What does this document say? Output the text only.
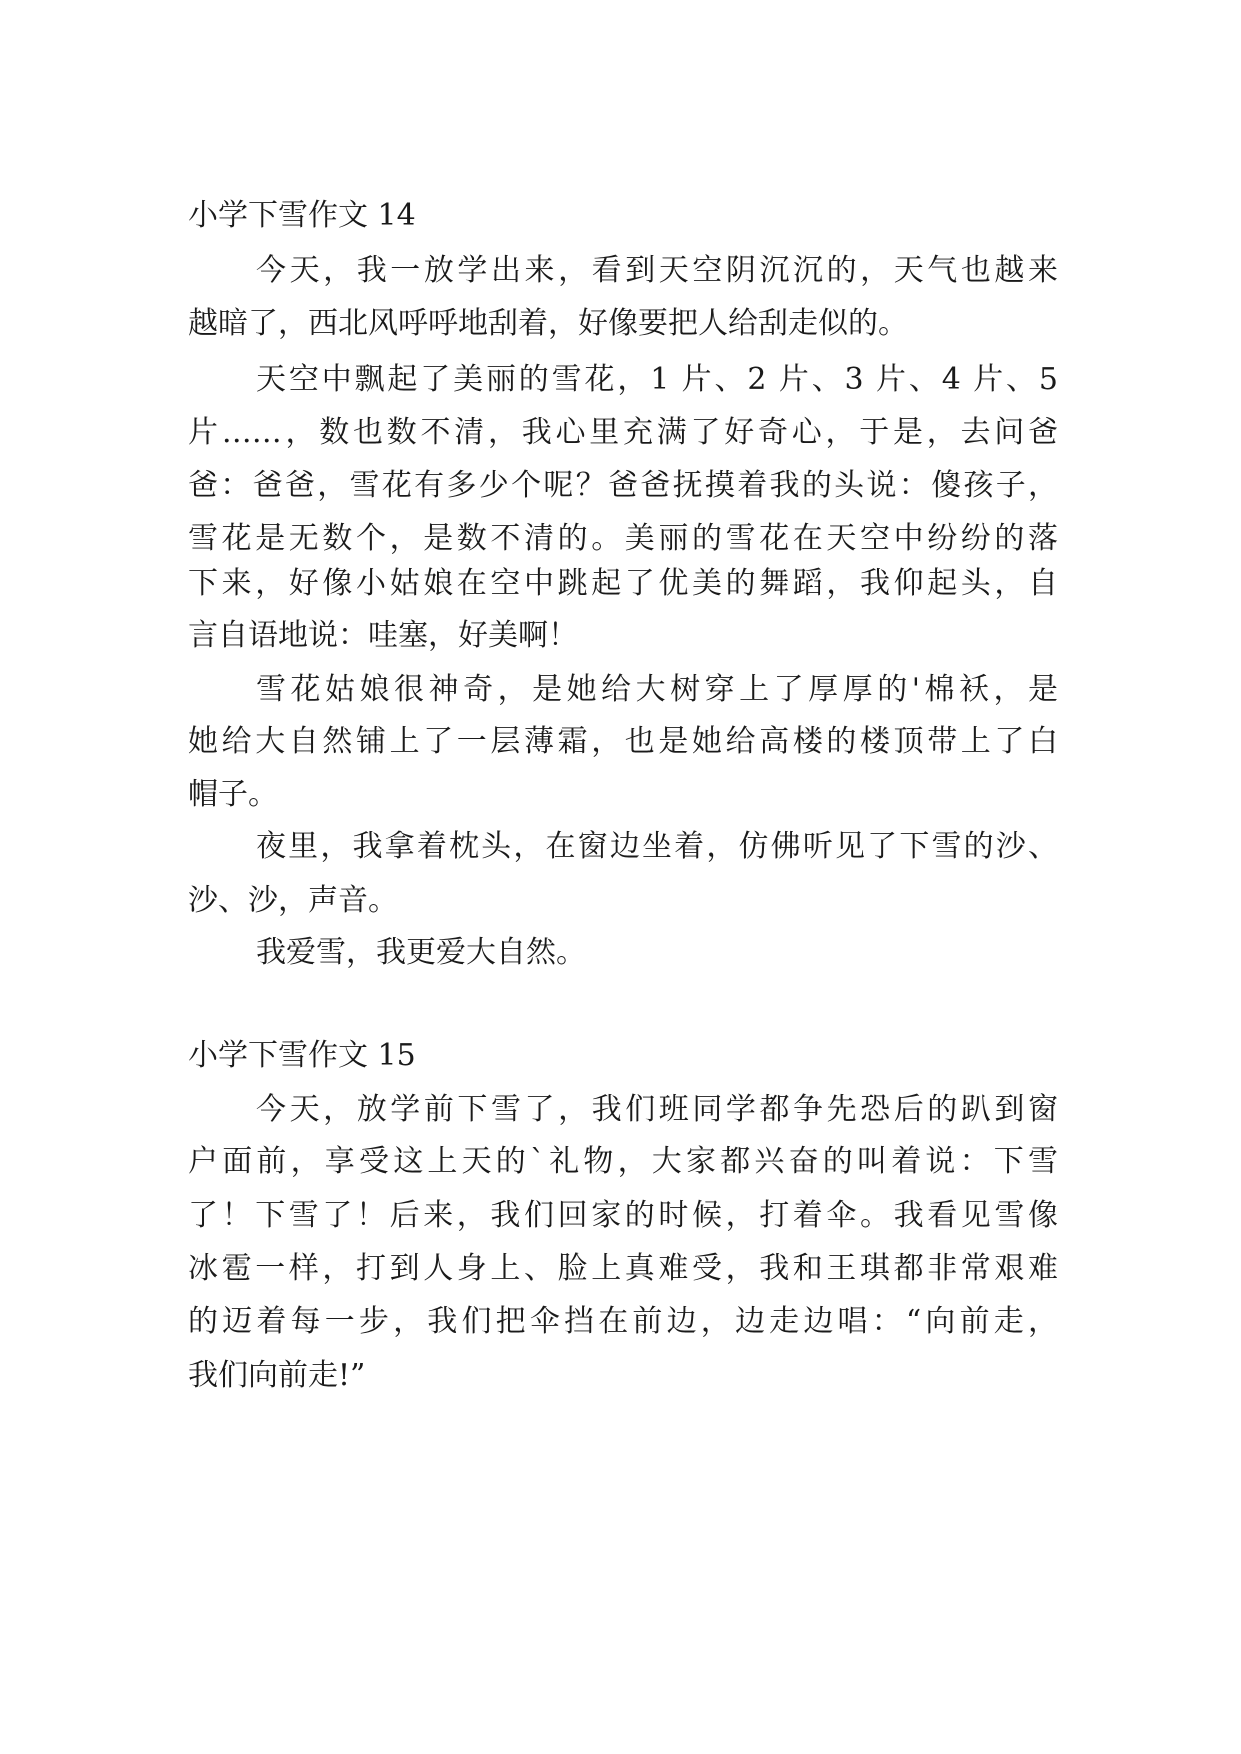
小学下雪作文 14
今天，我一放学出来，看到天空阴沉沉的，天气也越来
越暗了，西北风呼呼地刮着，好像要把人给刮走似的。
天空中飘起了美丽的雪花，1 片、2 片、3 片、4 片、5
片……，数也数不清，我心里充满了好奇心，于是，去问爸
爸：爸爸，雪花有多少个呢？爸爸抚摸着我的头说：傻孩子，
雪花是无数个，是数不清的。美丽的雪花在天空中纷纷的落
下来，好像小姑娘在空中跳起了优美的舞蹈，我仰起头，自
言自语地说：哇塞，好美啊！
雪花姑娘很神奇，是她给大树穿上了厚厚的'棉袄，是
她给大自然铺上了一层薄霜，也是她给高楼的楼顶带上了白
帽子。
夜里，我拿着枕头，在窗边坐着，仿佛听见了下雪的沙、
沙、沙，声音。
我爱雪，我更爱大自然。
小学下雪作文 15
今天，放学前下雪了，我们班同学都争先恐后的趴到窗
户面前，享受这上天的`礼物，大家都兴奋的叫着说：下雪
了！下雪了！后来，我们回家的时候，打着伞。我看见雪像
冰雹一样，打到人身上、脸上真难受，我和王琪都非常艰难
的迈着每一步，我们把伞挡在前边，边走边唱：“向前走，
我们向前走!”
